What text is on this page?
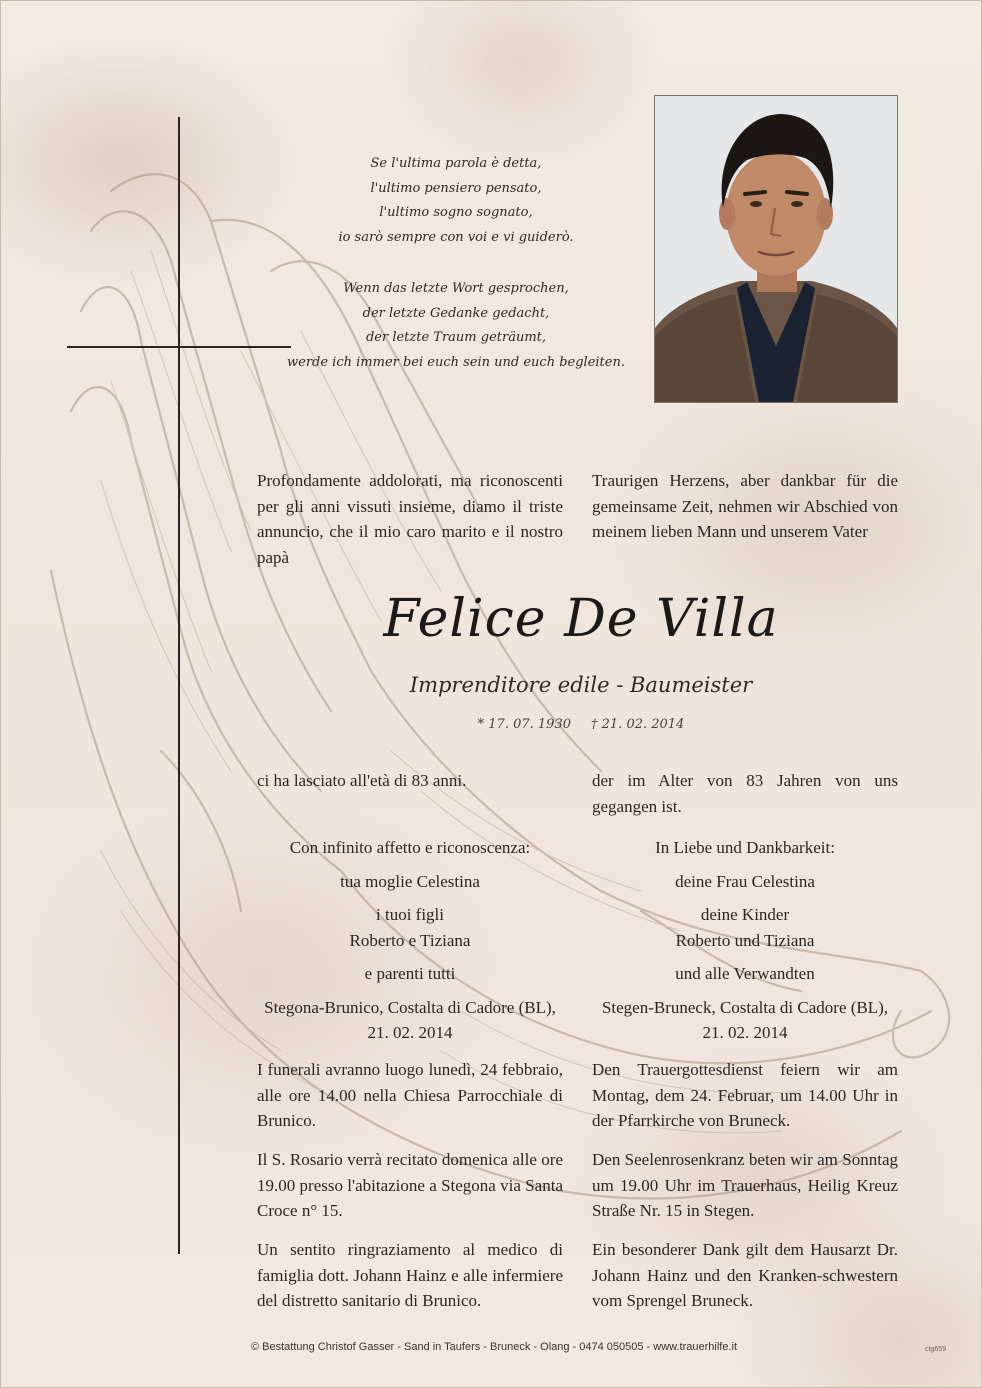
Se l'ultima parola è detta,
l'ultimo pensiero pensato,
l'ultimo sogno sognato,
io sarò sempre con voi e vi guiderò.
Wenn das letzte Wort gesprochen,
der letzte Gedanke gedacht,
der letzte Traum geträumt,
werde ich immer bei euch sein und euch begleiten.
Profondamente addolorati, ma riconoscenti per gli anni vissuti insieme, diamo il triste annuncio, che il mio caro marito e il nostro papà
Traurigen Herzens, aber dankbar für die gemeinsame Zeit, nehmen wir Abschied von meinem lieben Mann und unserem Vater
Felice De Villa
Imprenditore edile - Baumeister
* 17. 07. 1930 † 21. 02. 2014
ci ha lasciato all'età di 83 anni.	der im Alter von 83 Jahren von uns gegangen ist.

Con infinito affetto e riconoscenza:

tua moglie Celestina

i tuoi figli

Roberto e Tiziana

e parenti tutti

Stegona-Brunico, Costalta di Cadore (BL),

21. 02. 2014

In Liebe und Dankbarkeit:

deine Frau Celestina

deine Kinder

Roberto und Tiziana

und alle Verwandten

Stegen-Bruneck, Costalta di Cadore (BL),

21. 02. 2014

I funerali avranno luogo lunedì, 24 febbraio, alle ore 14.00 nella Chiesa Parrocchiale di Brunico.
Den Trauergottesdienst feiern wir am Montag, dem 24. Februar, um 14.00 Uhr in der Pfarrkirche von Bruneck.
Il S. Rosario verrà recitato domenica alle ore 19.00 presso l'abitazione a Stegona via Santa Croce n° 15.
Den Seelenrosenkranz beten wir am Sonntag um 19.00 Uhr im Trauerhaus, Heilig Kreuz Straße Nr. 15 in Stegen.
Un sentito ringraziamento al medico di famiglia dott. Johann Hainz e alle infermiere del distretto sanitario di Brunico.
Ein besonderer Dank gilt dem Hausarzt Dr. Johann Hainz und den Kranken-schwestern vom Sprengel Bruneck.
© Bestattung Christof Gasser - Sand in Taufers - Bruneck - Olang - 0474 050505 - www.trauerhilfe.it	ctg659
